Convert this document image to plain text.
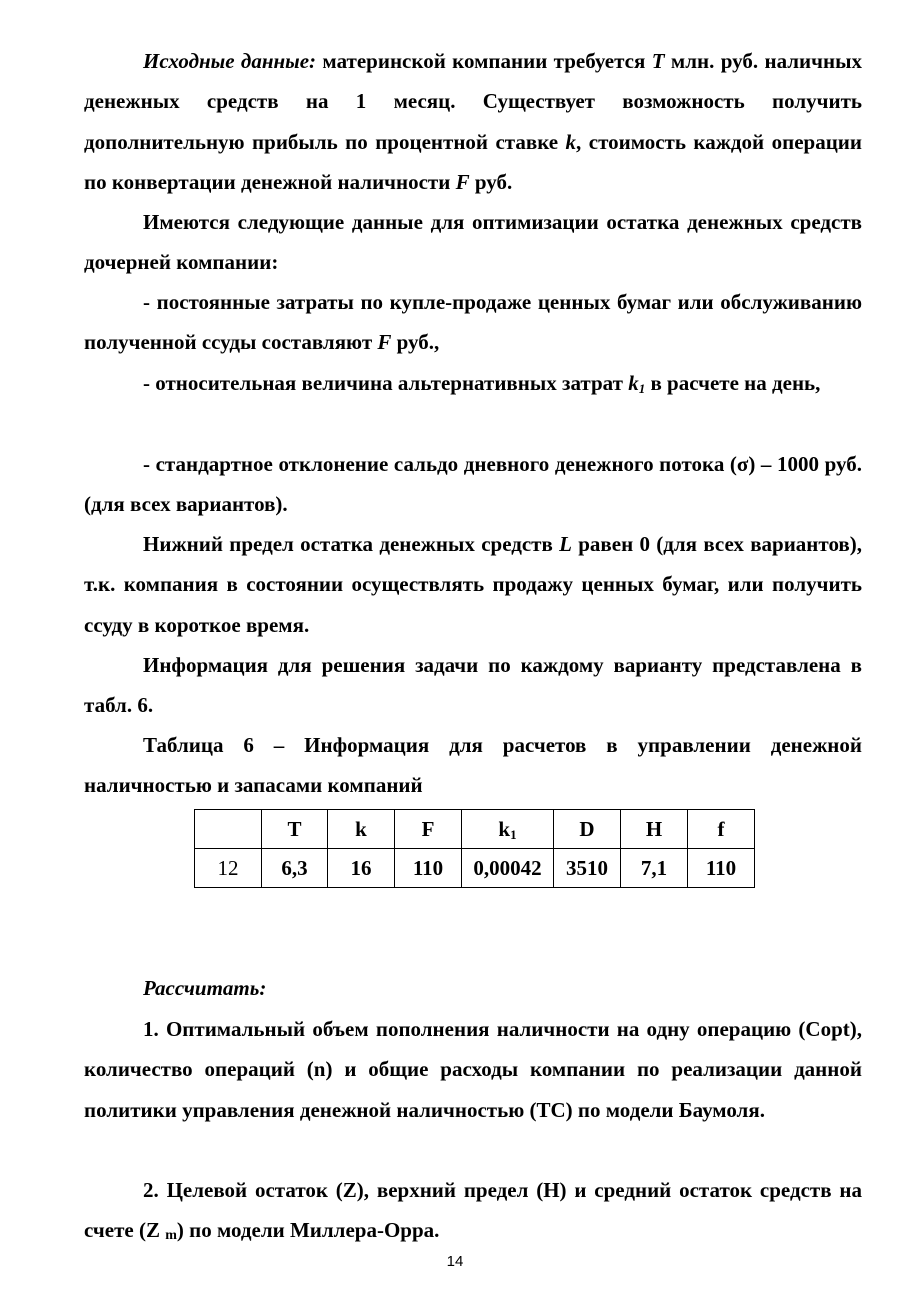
Исходные данные: материнской компании требуется T млн. руб. наличных денежных средств на 1 месяц. Существует возможность получить дополнительную прибыль по процентной ставке k, стоимость каждой операции по конвертации денежной наличности F руб.

Имеются следующие данные для оптимизации остатка денежных средств дочерней компании:

- постоянные затраты по купле-продаже ценных бумаг или обслуживанию полученной ссуды составляют F руб.,

- относительная величина альтернативных затрат $k_1$ в расчете на день,

- стандартное отклонение сальдо дневного денежного потока (σ) – 1000 руб. (для всех вариантов).

Нижний предел остатка денежных средств L равен 0 (для всех вариантов), т.к. компания в состоянии осуществлять продажу ценных бумаг, или получить ссуду в короткое время.

Информация для решения задачи по каждому варианту представлена в табл. 6.

Таблица 6 – Информация для расчетов в управлении денежной наличностью и запасами компаний

	T	k	F	$k_1$	D	H	f
12	6,3	16	110	0,00042	3510	7,1	110

Рассчитать:

1. Оптимальный объем пополнения наличности на одну операцию (Copt), количество операций (n) и общие расходы компании по реализации данной политики управления денежной наличностью (TC) по модели Баумоля.

2. Целевой остаток (Z), верхний предел (H) и средний остаток средств на счете (Z m) по модели Миллера-Орра.

14
